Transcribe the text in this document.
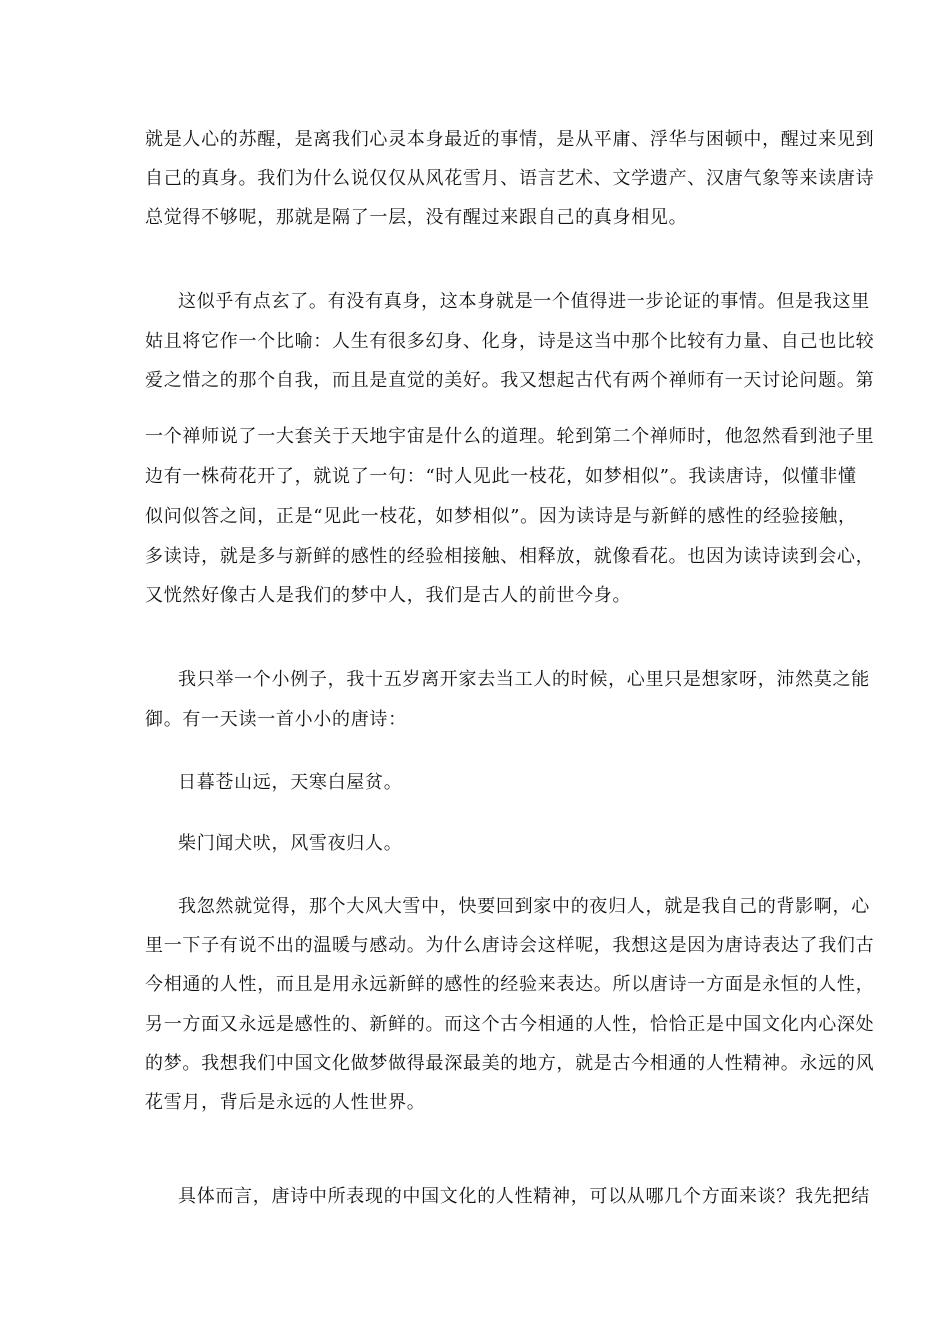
就是人心的苏醒，是离我们心灵本身最近的事情，是从平庸、浮华与困顿中，醒过来见到
自己的真身。我们为什么说仅仅从风花雪月、语言艺术、文学遗产、汉唐气象等来读唐诗
总觉得不够呢，那就是隔了一层，没有醒过来跟自己的真身相见。
这似乎有点玄了。有没有真身，这本身就是一个值得进一步论证的事情。但是我这里
姑且将它作一个比喻：人生有很多幻身、化身，诗是这当中那个比较有力量、自己也比较
爱之惜之的那个自我，而且是直觉的美好。我又想起古代有两个禅师有一天讨论问题。第
一个禅师说了一大套关于天地宇宙是什么的道理。轮到第二个禅师时，他忽然看到池子里
边有一株荷花开了，就说了一句：“时人见此一枝花，如梦相似”。我读唐诗，似懂非懂
似问似答之间，正是“见此一枝花，如梦相似”。因为读诗是与新鲜的感性的经验接触，
多读诗，就是多与新鲜的感性的经验相接触、相释放，就像看花。也因为读诗读到会心，
又恍然好像古人是我们的梦中人，我们是古人的前世今身。
我只举一个小例子，我十五岁离开家去当工人的时候，心里只是想家呀，沛然莫之能
御。有一天读一首小小的唐诗：
日暮苍山远，天寒白屋贫。
柴门闻犬吠，风雪夜归人。
我忽然就觉得，那个大风大雪中，快要回到家中的夜归人，就是我自己的背影啊，心
里一下子有说不出的温暖与感动。为什么唐诗会这样呢，我想这是因为唐诗表达了我们古
今相通的人性，而且是用永远新鲜的感性的经验来表达。所以唐诗一方面是永恒的人性，
另一方面又永远是感性的、新鲜的。而这个古今相通的人性，恰恰正是中国文化内心深处
的梦。我想我们中国文化做梦做得最深最美的地方，就是古今相通的人性精神。永远的风
花雪月，背后是永远的人性世界。
具体而言，唐诗中所表现的中国文化的人性精神，可以从哪几个方面来谈？我先把结
